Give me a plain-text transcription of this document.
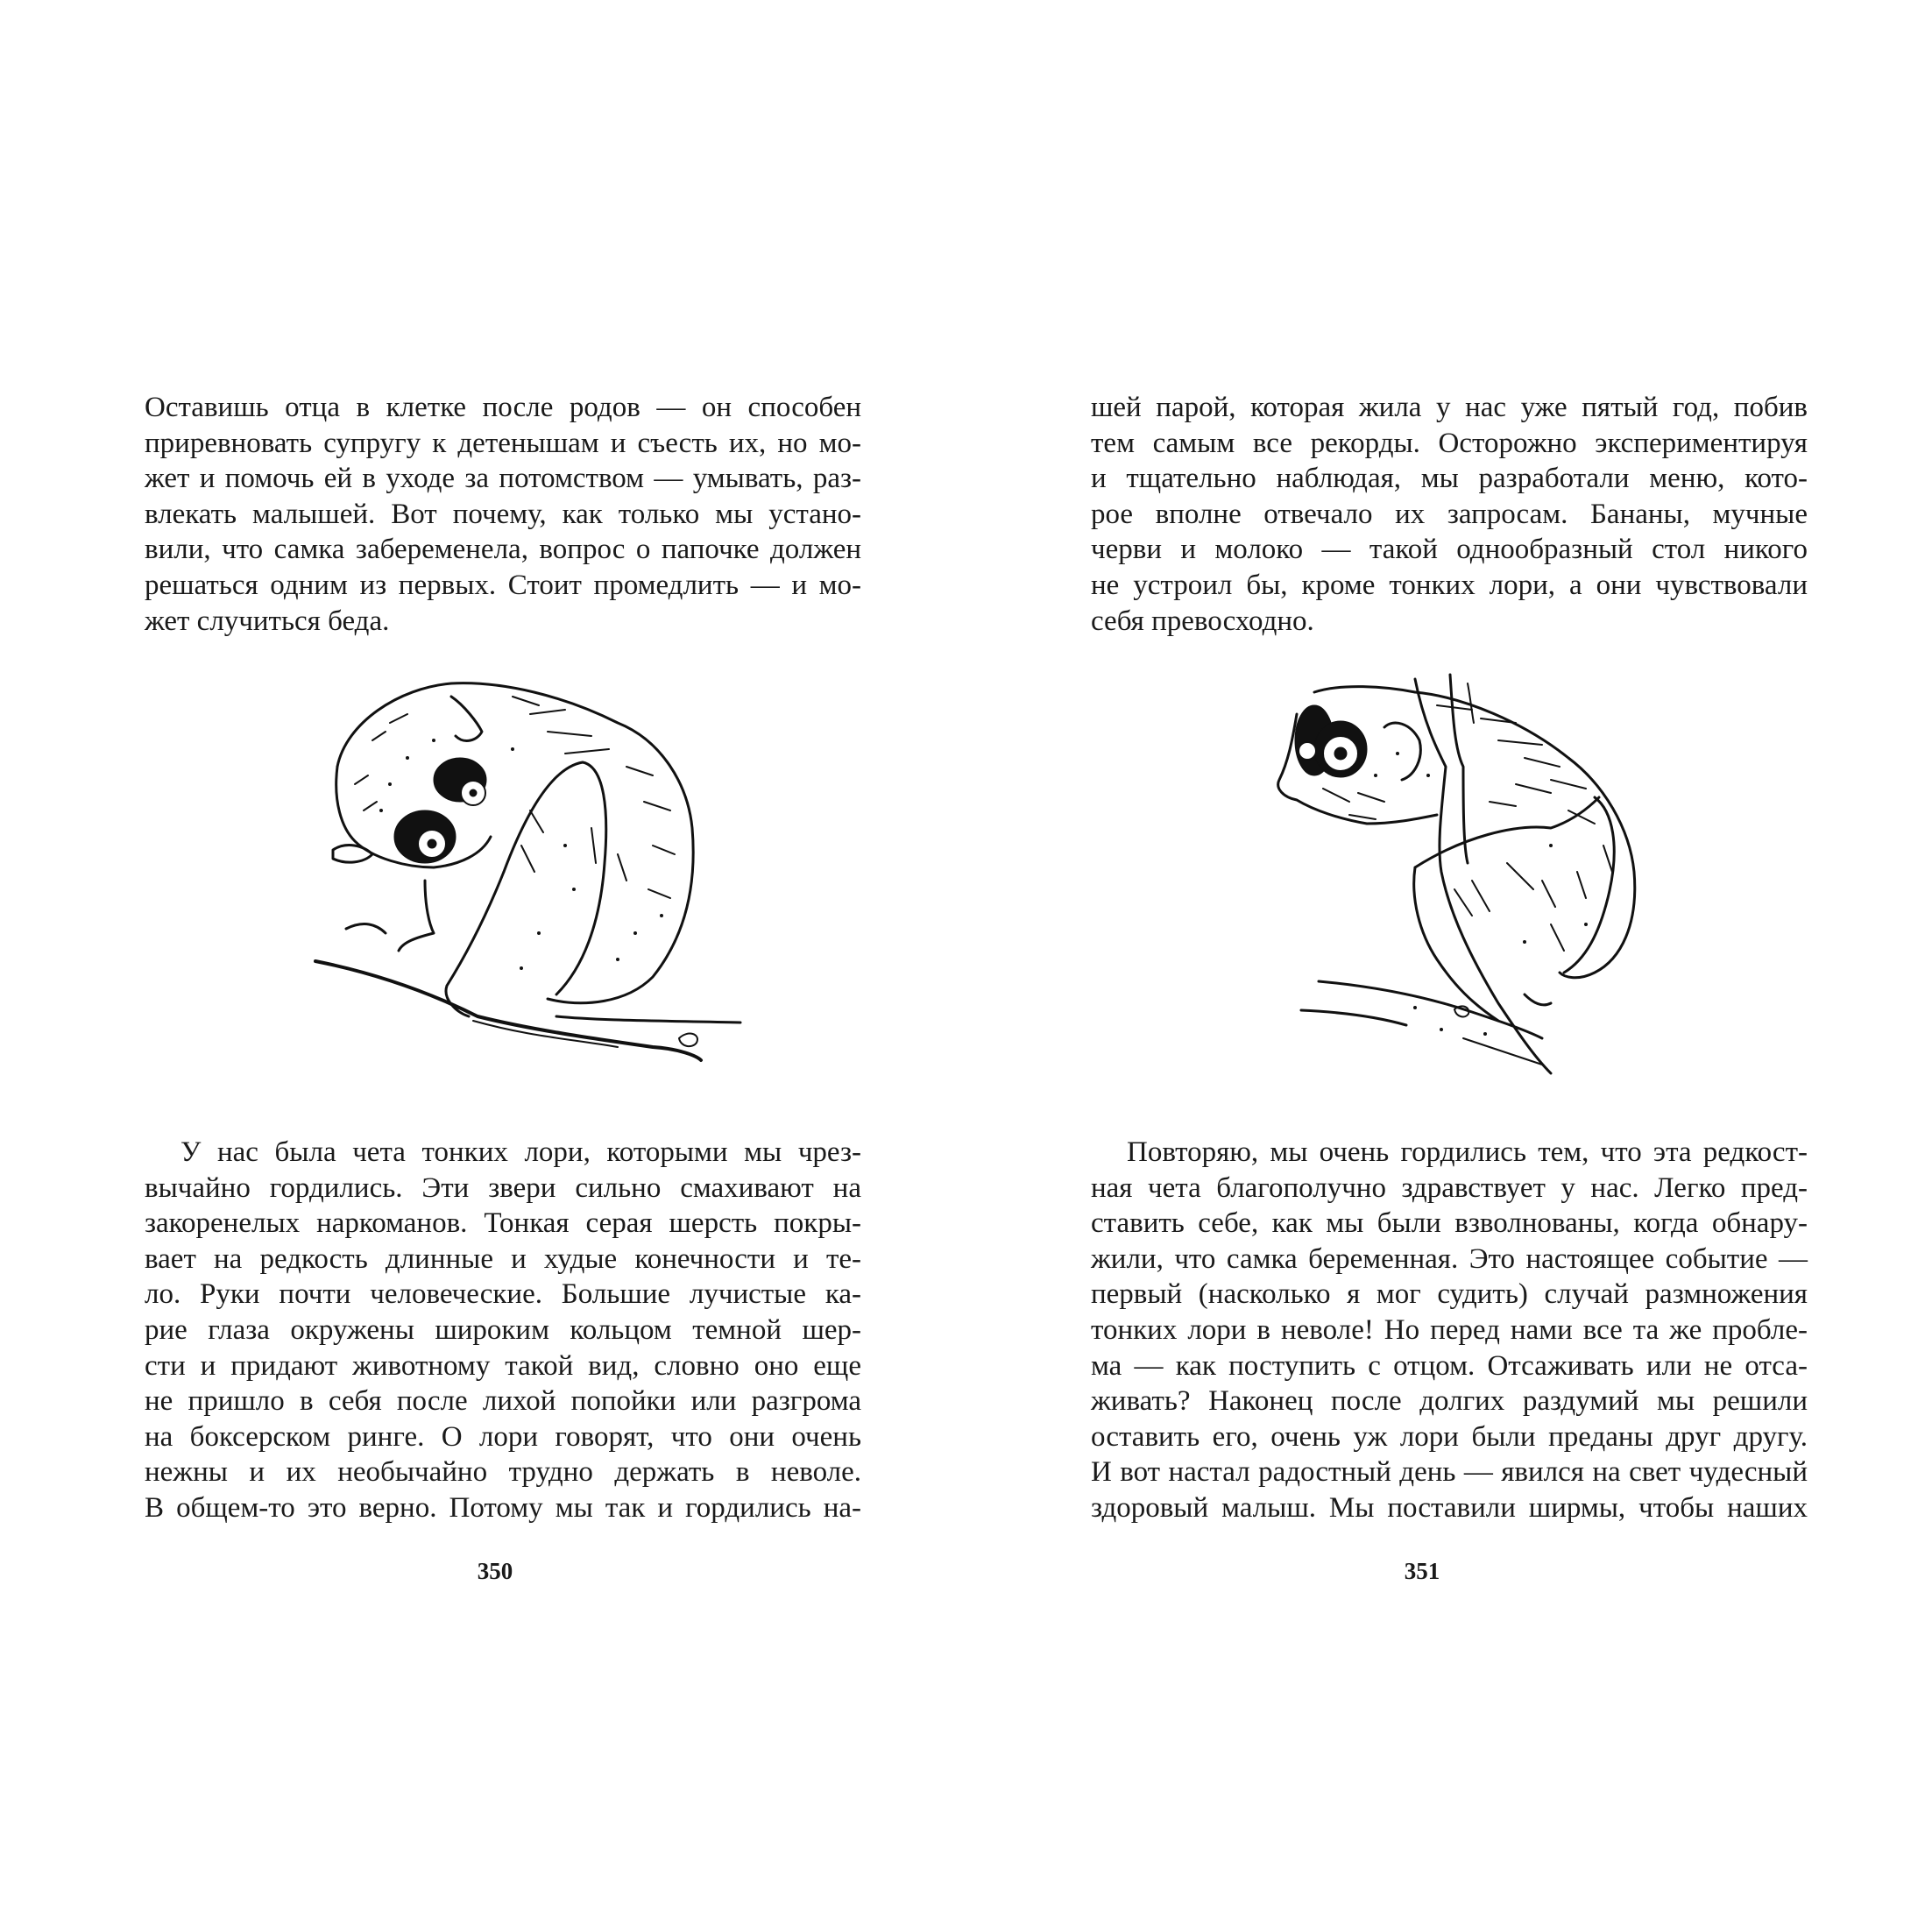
Оставишь отца в клетке после родов — он способен
приревновать супругу к детенышам и съесть их, но мо-
жет и помочь ей в уходе за потомством — умывать, раз-
влекать малышей. Вот почему, как только мы устано-
вили, что самка забеременела, вопрос о папочке должен
решаться одним из первых. Стоит промедлить — и мо-
жет случиться беда.
У нас была чета тонких лори, которыми мы чрез-
вычайно гордились. Эти звери сильно смахивают на
закоренелых наркоманов. Тонкая серая шерсть покры-
вает на редкость длинные и худые конечности и те-
ло. Руки почти человеческие. Большие лучистые ка-
рие глаза окружены широким кольцом темной шер-
сти и придают животному такой вид, словно оно еще
не пришло в себя после лихой попойки или разгрома
на боксерском ринге. О лори говорят, что они очень
нежны и их необычайно трудно держать в неволе.
В общем-то это верно. Потому мы так и гордились на-
350
шей парой, которая жила у нас уже пятый год, побив
тем самым все рекорды. Осторожно экспериментируя
и тщательно наблюдая, мы разработали меню, кото-
рое вполне отвечало их запросам. Бананы, мучные
черви и молоко — такой однообразный стол никого
не устроил бы, кроме тонких лори, а они чувствовали
себя превосходно.
Повторяю, мы очень гордились тем, что эта редкост-
ная чета благополучно здравствует у нас. Легко пред-
ставить себе, как мы были взволнованы, когда обнару-
жили, что самка беременная. Это настоящее событие —
первый (насколько я мог судить) случай размножения
тонких лори в неволе! Но перед нами все та же пробле-
ма — как поступить с отцом. Отсаживать или не отса-
живать? Наконец после долгих раздумий мы решили
оставить его, очень уж лори были преданы друг другу.
И вот настал радостный день — явился на свет чудесный
здоровый малыш. Мы поставили ширмы, чтобы наших
351
